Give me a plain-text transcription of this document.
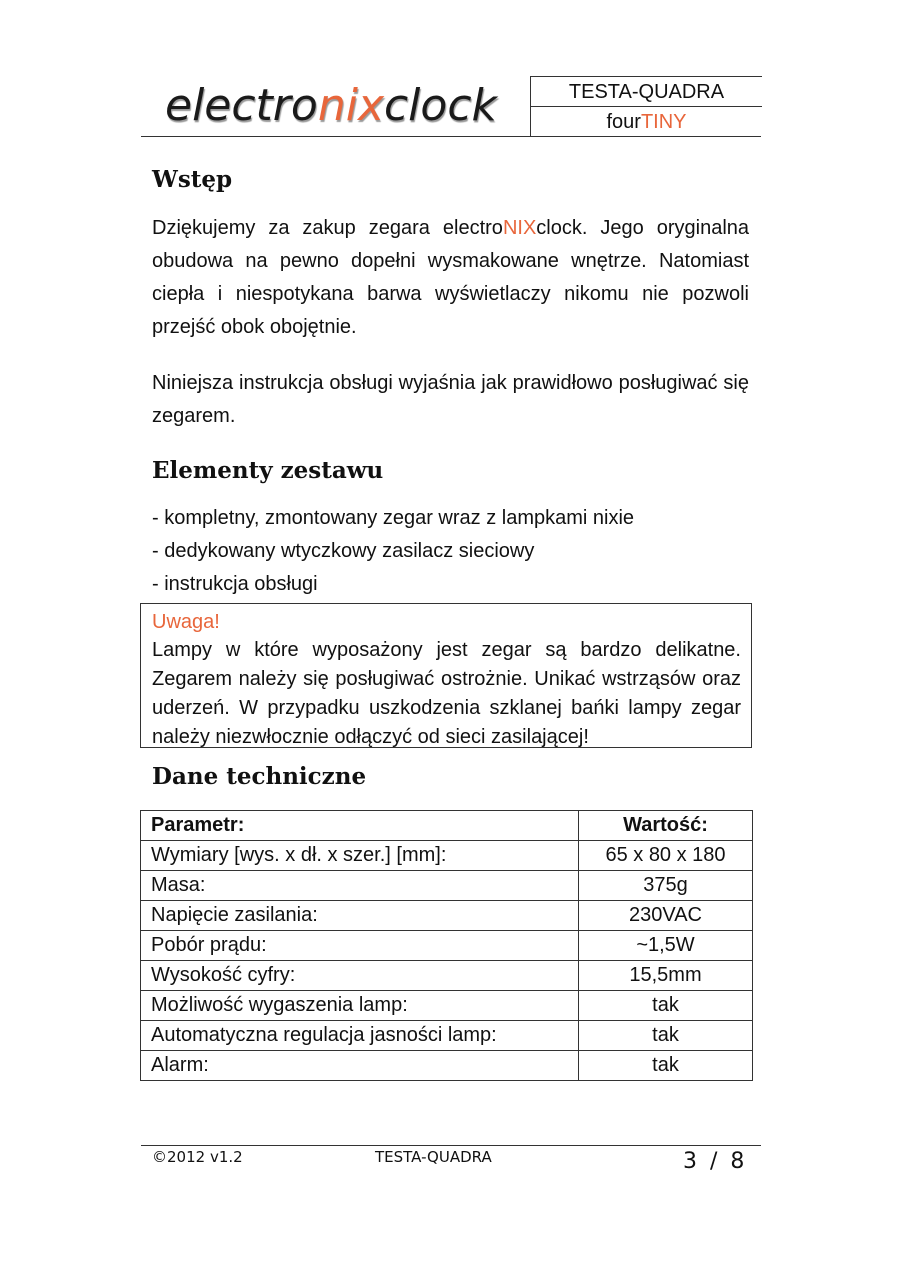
electronixclock	TESTA-QUADRA
fourTINY
Wstęp

Dziękujemy za zakup zegara electroNIXclock. Jego oryginalna obudowa na pewno dopełni wysmakowane wnętrze. Natomiast ciepła i niespotykana barwa wyświetlaczy nikomu nie pozwoli przejść obok obojętnie.

Niniejsza instrukcja obsługi wyjaśnia jak prawidłowo posługiwać się zegarem.

Elementy zestawu

- kompletny, zmontowany zegar wraz z lampkami nixie

- dedykowany wtyczkowy zasilacz sieciowy

- instrukcja obsługi

Uwaga!
Lampy w które wyposażony jest zegar są bardzo delikatne. Zegarem należy się posługiwać ostrożnie. Unikać wstrząsów oraz uderzeń. W przypadku uszkodzenia szklanej bańki lampy zegar należy niezwłocznie odłączyć od sieci zasilającej!
Dane techniczne
Parametr:	Wartość:
Wymiary [wys. x dł. x szer.] [mm]:	65 x 80 x 180
Masa:	375g
Napięcie zasilania:	230VAC
Pobór prądu:	~1,5W
Wysokość cyfry:	15,5mm
Możliwość wygaszenia lamp:	tak
Automatyczna regulacja jasności lamp:	tak
Alarm:	tak
©2012 v1.2	TESTA-QUADRA	3 / 8
